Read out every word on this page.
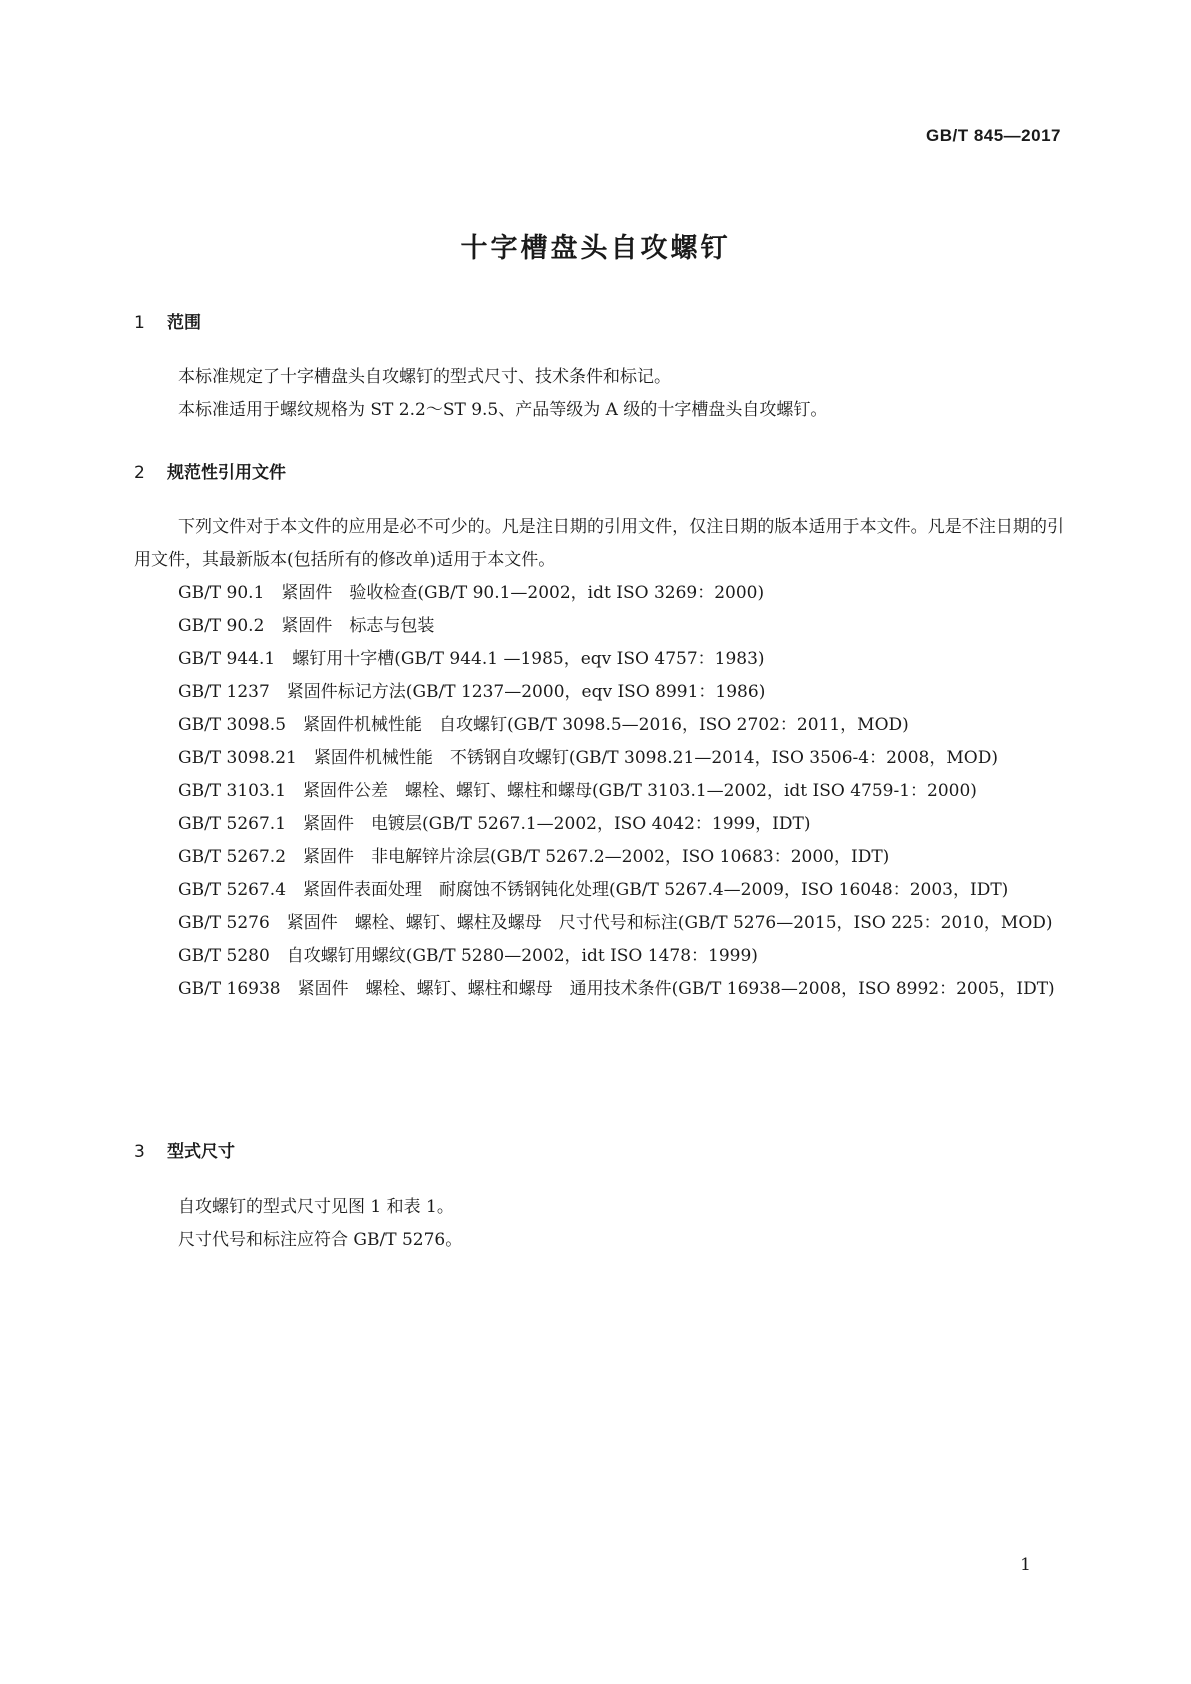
GB/T 845—2017
十字槽盘头自攻螺钉
1 范围

本标准规定了十字槽盘头自攻螺钉的型式尺寸、技术条件和标记。

本标准适用于螺纹规格为 ST 2.2～ST 9.5、产品等级为 A 级的十字槽盘头自攻螺钉。

2 规范性引用文件

下列文件对于本文件的应用是必不可少的。凡是注日期的引用文件，仅注日期的版本适用于本文件。凡是不注日期的引用文件，其最新版本(包括所有的修改单)适用于本文件。

GB/T 90.1　紧固件　验收检查(GB/T 90.1—2002，idt ISO 3269：2000)

GB/T 90.2　紧固件　标志与包装

GB/T 944.1　螺钉用十字槽(GB/T 944.1 —1985，eqv ISO 4757：1983)

GB/T 1237　紧固件标记方法(GB/T 1237—2000，eqv ISO 8991：1986)

GB/T 3098.5　紧固件机械性能　自攻螺钉(GB/T 3098.5—2016，ISO 2702：2011，MOD)

GB/T 3098.21　紧固件机械性能　不锈钢自攻螺钉(GB/T 3098.21—2014，ISO 3506-4：2008，MOD)

GB/T 3103.1　紧固件公差　螺栓、螺钉、螺柱和螺母(GB/T 3103.1—2002，idt ISO 4759-1：2000)

GB/T 5267.1　紧固件　电镀层(GB/T 5267.1—2002，ISO 4042：1999，IDT)

GB/T 5267.2　紧固件　非电解锌片涂层(GB/T 5267.2—2002，ISO 10683：2000，IDT)

GB/T 5267.4　紧固件表面处理　耐腐蚀不锈钢钝化处理(GB/T 5267.4—2009，ISO 16048：2003，IDT)

GB/T 5276　紧固件　螺栓、螺钉、螺柱及螺母　尺寸代号和标注(GB/T 5276—2015，ISO 225：2010，MOD)

GB/T 5280　自攻螺钉用螺纹(GB/T 5280—2002，idt ISO 1478：1999)

GB/T 16938　紧固件　螺栓、螺钉、螺柱和螺母　通用技术条件(GB/T 16938—2008，ISO 8992：2005，IDT)

3 型式尺寸

自攻螺钉的型式尺寸见图 1 和表 1。

尺寸代号和标注应符合 GB/T 5276。

1
